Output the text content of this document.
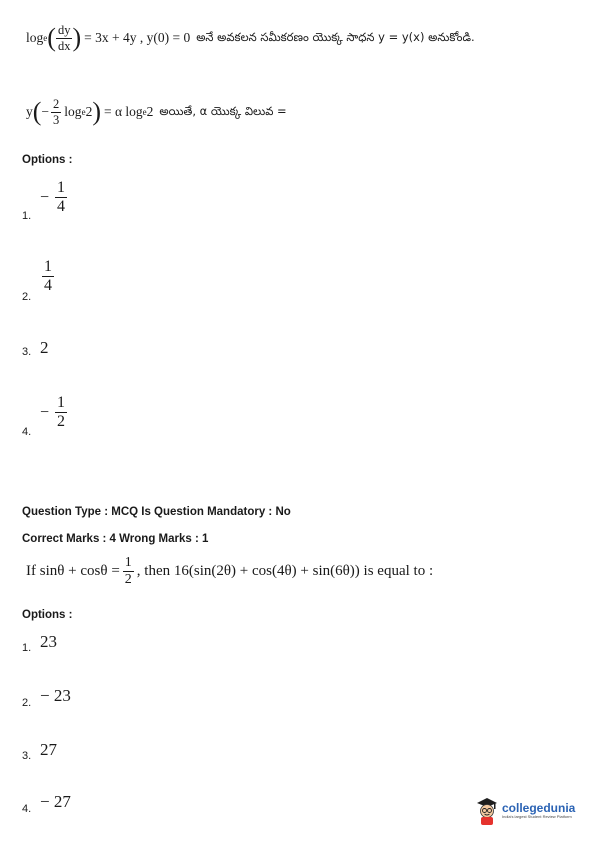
log e ( $\frac{dy}{dx}$ ) = 3x + 4y , y(0) = 0 అనే అవకలన సమీకరణం యొక్క సాధన y = y(x) అనుకోండి.
y ( − $\frac{2}{3}$ log e 2 ) = α log e 2 అయితే, α యొక్క విలువ =
Options :
1.
− $\frac{1}{4}$
2.
$\frac{1}{4}$
3. 2
4.
− $\frac{1}{2}$
Question Type : MCQ Is Question Mandatory : No
Correct Marks : 4 Wrong Marks : 1
If $\sin\theta + \cos\theta = \frac{1}{2}$ , then 16(sin(2θ) + cos(4θ) + sin(6θ)) is equal to :
Options :
1. 23
2. − 23
3. 27
4. − 27	collegedunia
India's largest Student Review Platform
